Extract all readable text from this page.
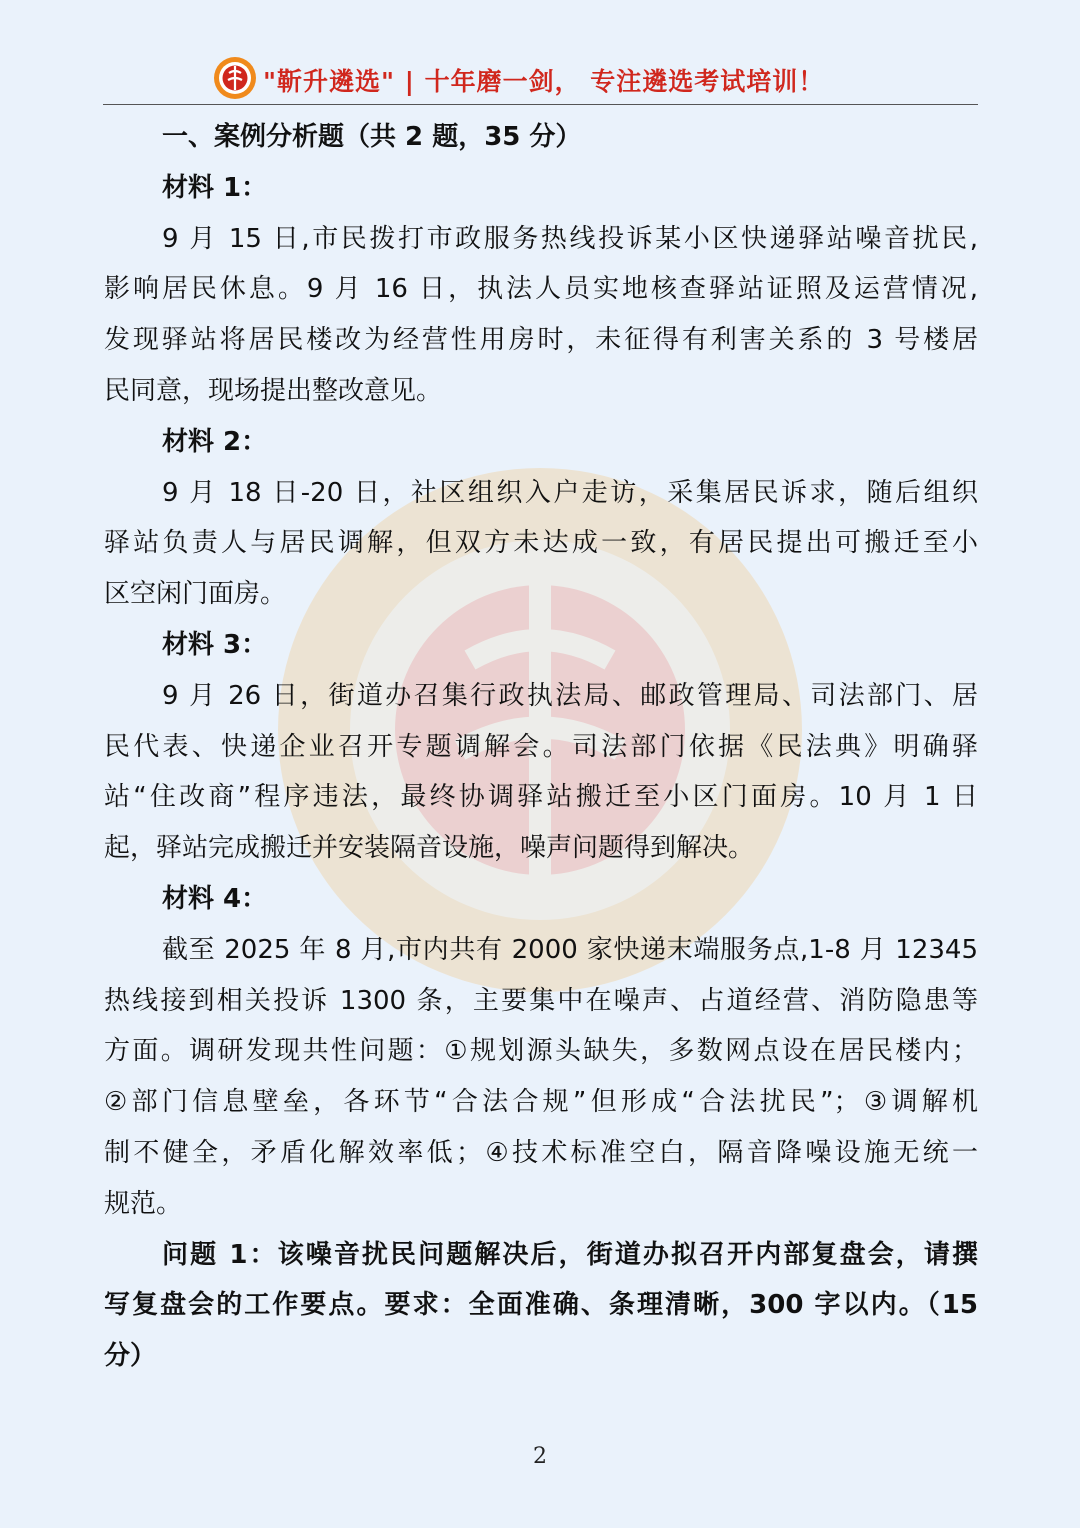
"靳升遴选" | 十年磨一剑， 专注遴选考试培训！
一、案例分析题（共 2 题，35 分）
材料 1：
9 月 15 日,市民拨打市政服务热线投诉某小区快递驿站噪音扰民,
影响居民休息。9 月 16 日，执法人员实地核查驿站证照及运营情况,
发现驿站将居民楼改为经营性用房时，未征得有利害关系的 3 号楼居
民同意，现场提出整改意见。
材料 2：
9 月 18 日-20 日，社区组织入户走访，采集居民诉求，随后组织
驿站负责人与居民调解，但双方未达成一致，有居民提出可搬迁至小
区空闲门面房。
材料 3：
9 月 26 日，街道办召集行政执法局、邮政管理局、司法部门、居
民代表、快递企业召开专题调解会。司法部门依据《民法典》明确驿
站“住改商”程序违法，最终协调驿站搬迁至小区门面房。10 月 1 日
起，驿站完成搬迁并安装隔音设施，噪声问题得到解决。
材料 4：
截至 2025 年 8 月,市内共有 2000 家快递末端服务点,1-8 月 12345
热线接到相关投诉 1300 条，主要集中在噪声、占道经营、消防隐患等
方面。调研发现共性问题：①规划源头缺失，多数网点设在居民楼内；
②部门信息壁垒，各环节“合法合规”但形成“合法扰民”；③调解机
制不健全，矛盾化解效率低；④技术标准空白，隔音降噪设施无统一
规范。
问题 1：该噪音扰民问题解决后，街道办拟召开内部复盘会，请撰
写复盘会的工作要点。要求：全面准确、条理清晰，300 字以内。（15
分）
2
